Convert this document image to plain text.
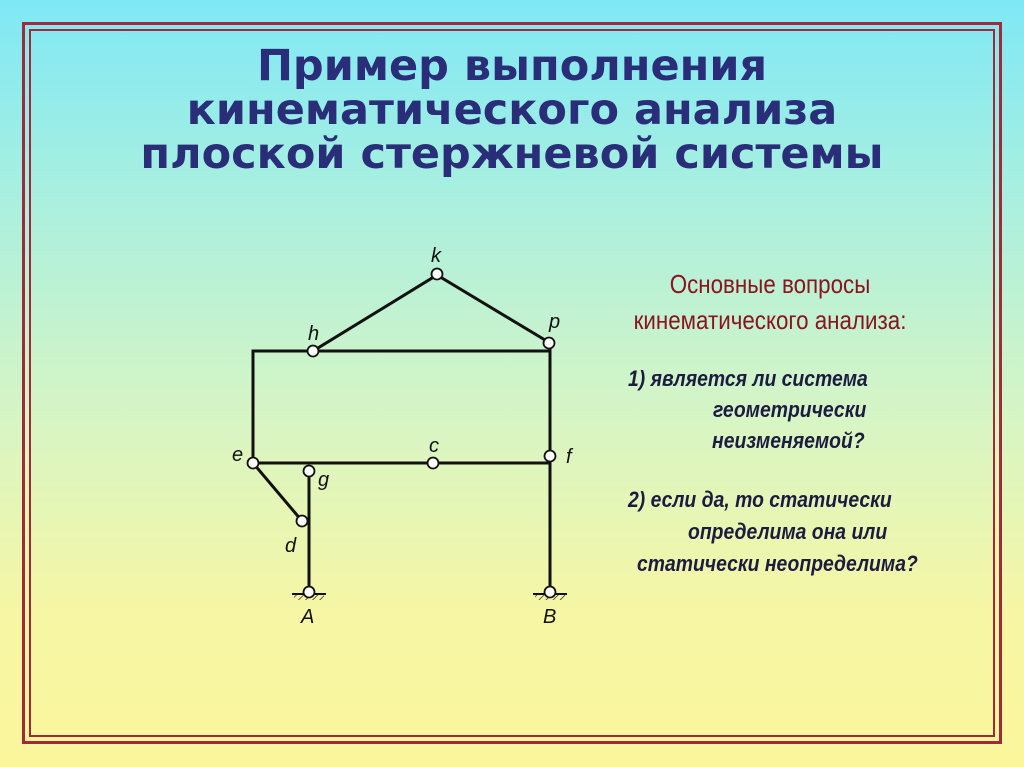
Пример выполнения
кинематического анализа
плоской стержневой системы
k
h
p
e	c	f
g
d
A	B
Основные вопросы
кинематического анализа:
1) является ли система
геометрически
неизменяемой?
2) если да, то статически
определима она или
статически неопределима?
